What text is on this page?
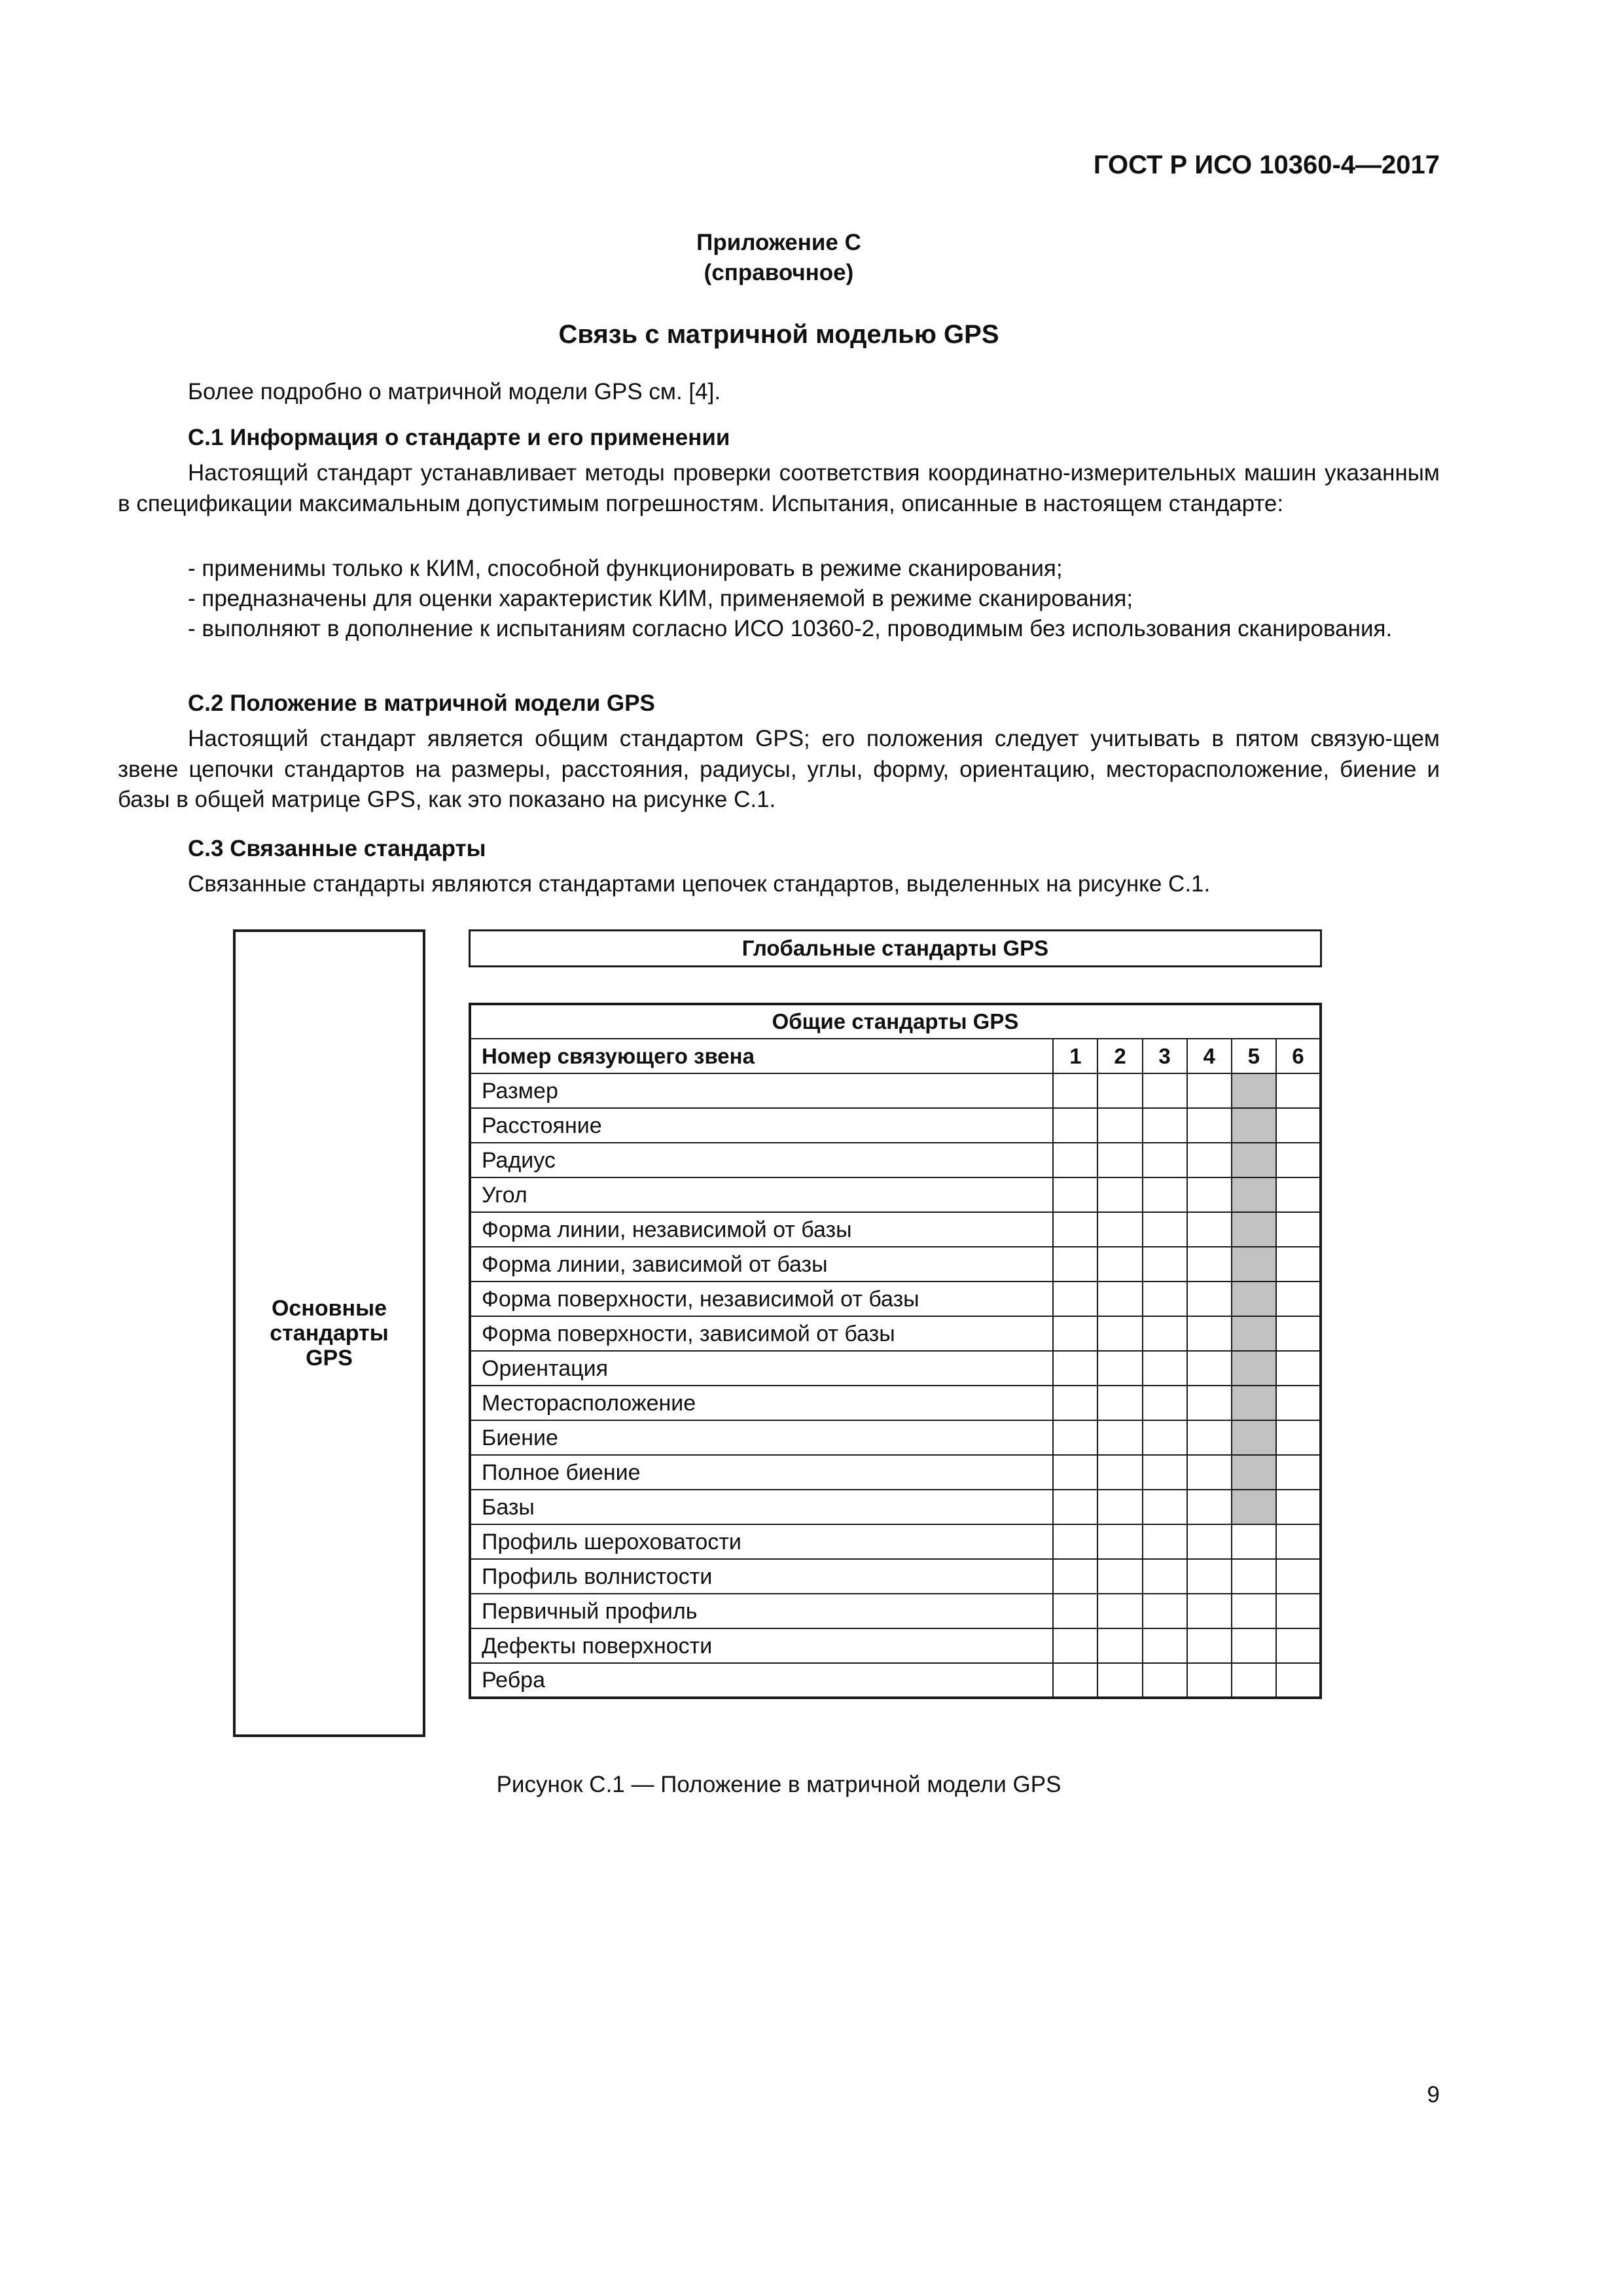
ГОСТ Р ИСО 10360-4—2017
Приложение С
(справочное)
Связь с матричной моделью GPS

Более подробно о матричной модели GPS см. [4].

С.1 Информация о стандарте и его применении

Настоящий стандарт устанавливает методы проверки соответствия координатно-измерительных машин указанным в спецификации максимальным допустимым погрешностям. Испытания, описанные в настоящем стандарте:

- применимы только к КИМ, способной функционировать в режиме сканирования;

- предназначены для оценки характеристик КИМ, применяемой в режиме сканирования;

- выполняют в дополнение к испытаниям согласно ИСО 10360-2, проводимым без использования сканирования.

С.2 Положение в матричной модели GPS

Настоящий стандарт является общим стандартом GPS; его положения следует учитывать в пятом связую-щем звене цепочки стандартов на размеры, расстояния, радиусы, углы, форму, ориентацию, месторасположение, биение и базы в общей матрице GPS, как это показано на рисунке С.1.

С.3 Связанные стандарты

Связанные стандарты являются стандартами цепочек стандартов, выделенных на рисунке С.1.

Основные
стандарты
GPS
Глобальные стандарты GPS
Общие стандарты GPS						
Номер связующего звена	1	2	3	4	5	6
Размер						
Расстояние						
Радиус						
Угол						
Форма линии, независимой от базы						
Форма линии, зависимой от базы						
Форма поверхности, независимой от базы						
Форма поверхности, зависимой от базы						
Ориентация						
Месторасположение						
Биение						
Полное биение						
Базы						
Профиль шероховатости						
Профиль волнистости						
Первичный профиль						
Дефекты поверхности						
Ребра						
Рисунок С.1 — Положение в матричной модели GPS
9
